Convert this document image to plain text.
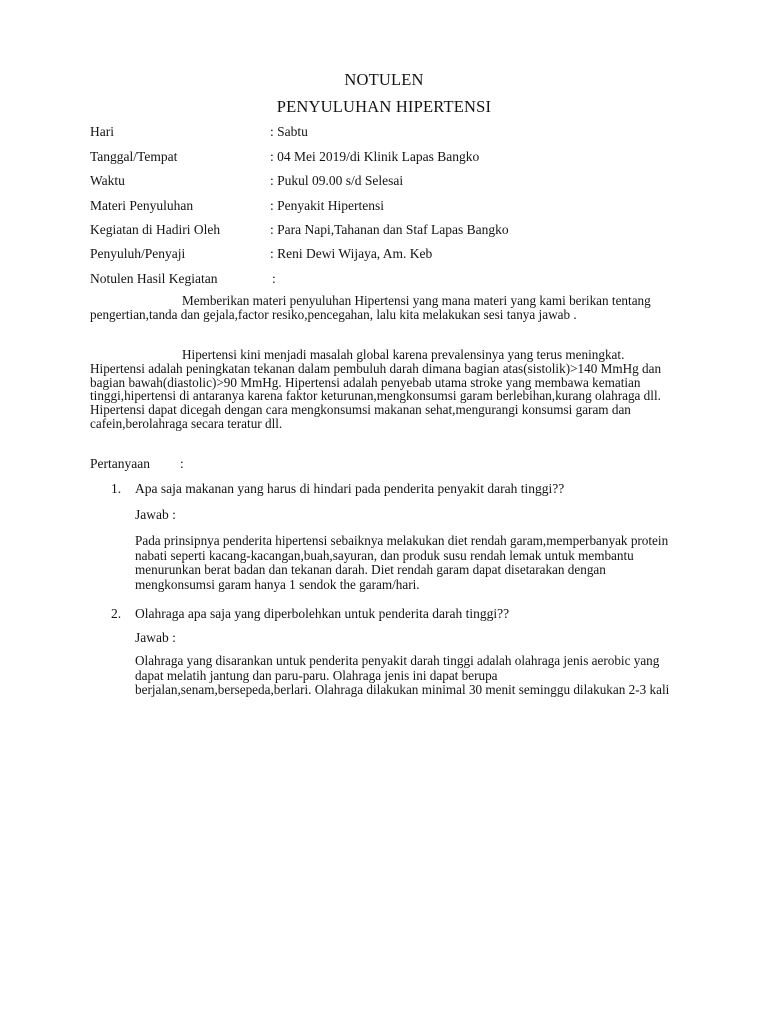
NOTULEN
PENYULUHAN HIPERTENSI
Hari	: Sabtu
Tanggal/Tempat	: 04 Mei 2019/di Klinik Lapas Bangko
Waktu	: Pukul 09.00 s/d Selesai
Materi Penyuluhan	: Penyakit Hipertensi
Kegiatan di Hadiri Oleh	: Para Napi,Tahanan dan Staf Lapas Bangko
Penyuluh/Penyaji	: Reni Dewi Wijaya, Am. Keb
Notulen Hasil Kegiatan	:
Memberikan materi penyuluhan Hipertensi yang mana materi yang kami berikan tentang pengertian,tanda dan gejala,factor resiko,pencegahan, lalu kita melakukan sesi tanya jawab .
Hipertensi kini menjadi masalah global karena prevalensinya yang terus meningkat. Hipertensi adalah peningkatan tekanan dalam pembuluh darah dimana bagian atas(sistolik)>140 MmHg dan bagian bawah(diastolic)>90 MmHg. Hipertensi adalah penyebab utama stroke yang membawa kematian tinggi,hipertensi di antaranya karena faktor keturunan,mengkonsumsi garam berlebihan,kurang olahraga dll. Hipertensi dapat dicegah dengan cara mengkonsumsi makanan sehat,mengurangi konsumsi garam dan cafein,berolahraga secara teratur dll.
Pertanyaan :
1. Apa saja makanan yang harus di hindari pada penderita penyakit darah tinggi??
Jawab :
Pada prinsipnya penderita hipertensi sebaiknya melakukan diet rendah garam,memperbanyak protein nabati seperti kacang-kacangan,buah,sayuran, dan produk susu rendah lemak untuk membantu menurunkan berat badan dan tekanan darah. Diet rendah garam dapat disetarakan dengan mengkonsumsi garam hanya 1 sendok the garam/hari.
2. Olahraga apa saja yang diperbolehkan untuk penderita darah tinggi??
Jawab :
Olahraga yang disarankan untuk penderita penyakit darah tinggi adalah olahraga jenis aerobic yang dapat melatih jantung dan paru-paru. Olahraga jenis ini dapat berupa berjalan,senam,bersepeda,berlari. Olahraga dilakukan minimal 30 menit seminggu dilakukan 2-3 kali
